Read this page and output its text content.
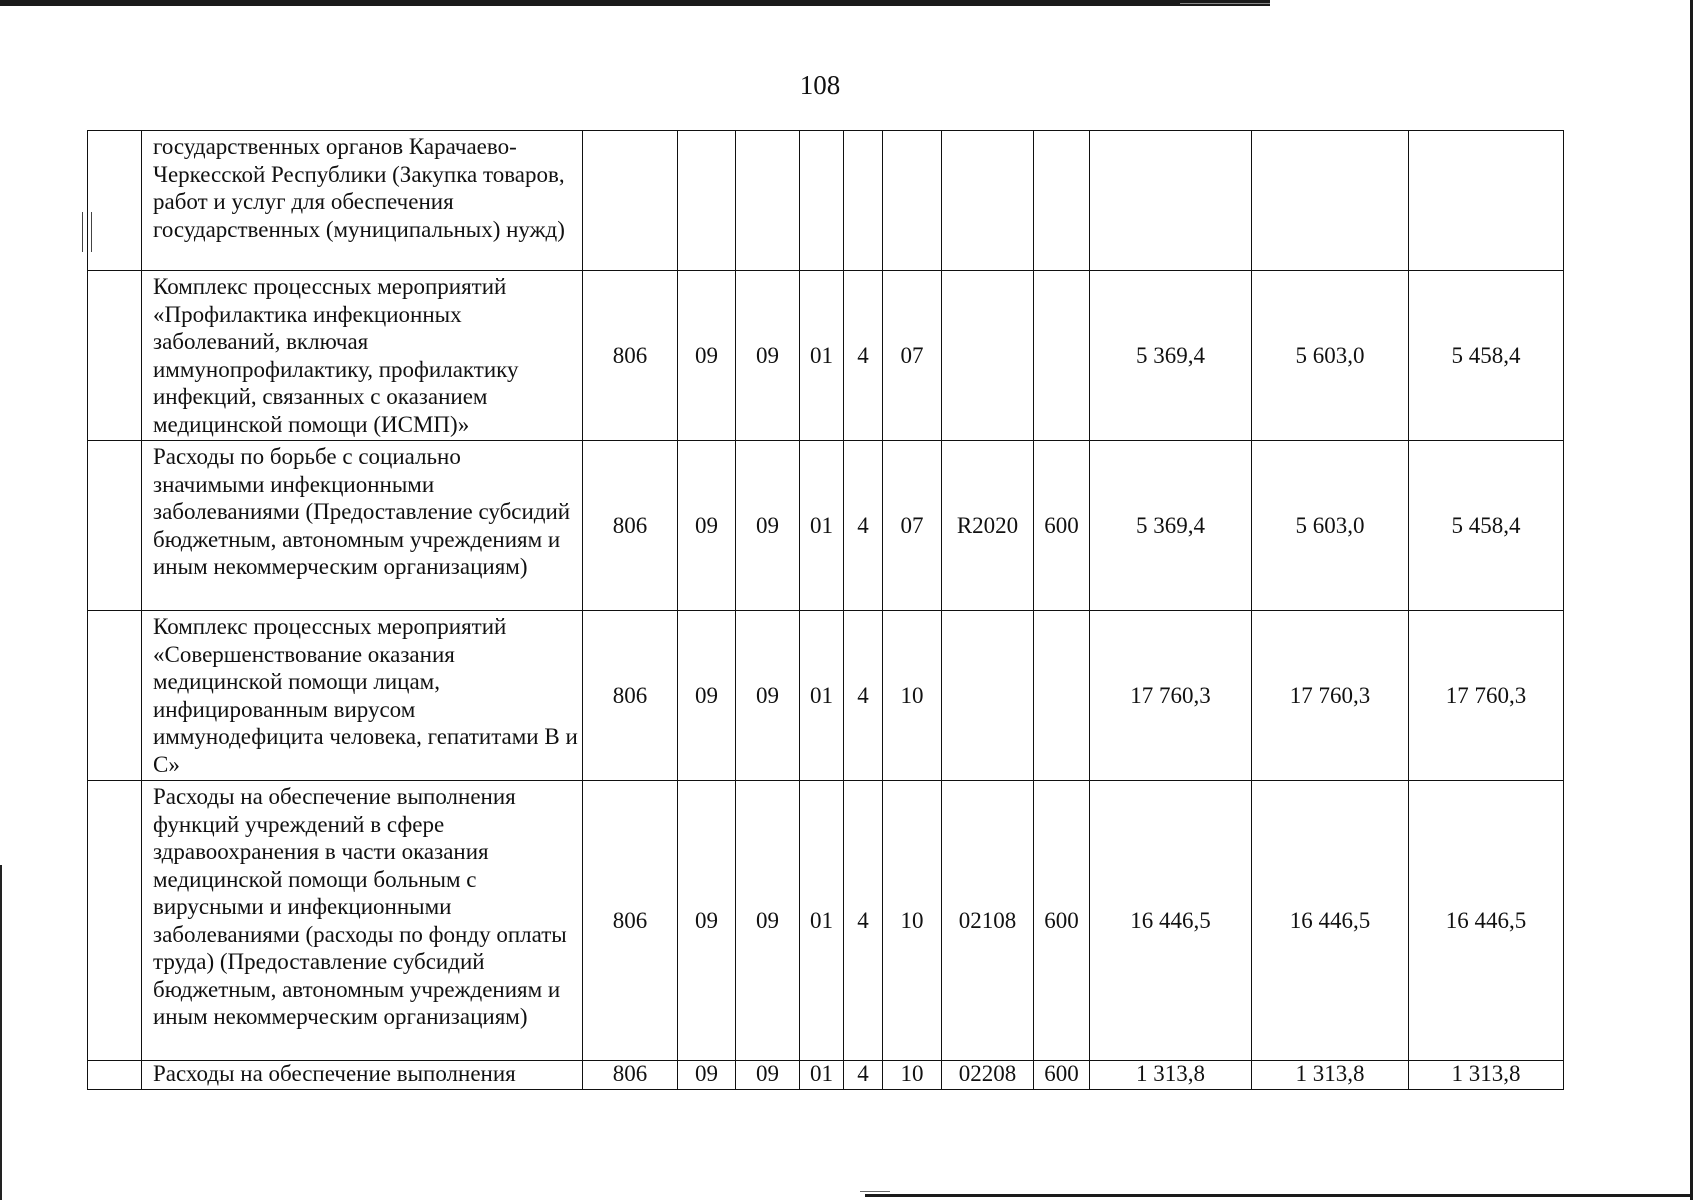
108
	государственных органов Карачаево-Черкесской Республики (Закупка товаров, работ и услуг для обеспечения государственных (муниципальных) нужд)											
	Комплекс процессных мероприятий «Профилактика инфекционных заболеваний, включая иммунопрофилактику, профилактику инфекций, связанных с оказанием медицинской помощи (ИСМП)»	806	09	09	01	4	07			5 369,4	5 603,0	5 458,4
	Расходы по борьбе с социально значимыми инфекционными заболеваниями (Предоставление субсидий бюджетным, автономным учреждениям и иным некоммерческим организациям)	806	09	09	01	4	07	R2020	600	5 369,4	5 603,0	5 458,4
	Комплекс процессных мероприятий «Совершенствование оказания медицинской помощи лицам, инфицированным вирусом иммунодефицита человека, гепатитами В и С»	806	09	09	01	4	10			17 760,3	17 760,3	17 760,3
	Расходы на обеспечение выполнения функций учреждений в сфере здравоохранения в части оказания медицинской помощи больным с вирусными и инфекционными заболеваниями (расходы по фонду оплаты труда) (Предоставление субсидий бюджетным, автономным учреждениям и иным некоммерческим организациям)	806	09	09	01	4	10	02108	600	16 446,5	16 446,5	16 446,5
	Расходы на обеспечение выполнения	806	09	09	01	4	10	02208	600	1 313,8	1 313,8	1 313,8
